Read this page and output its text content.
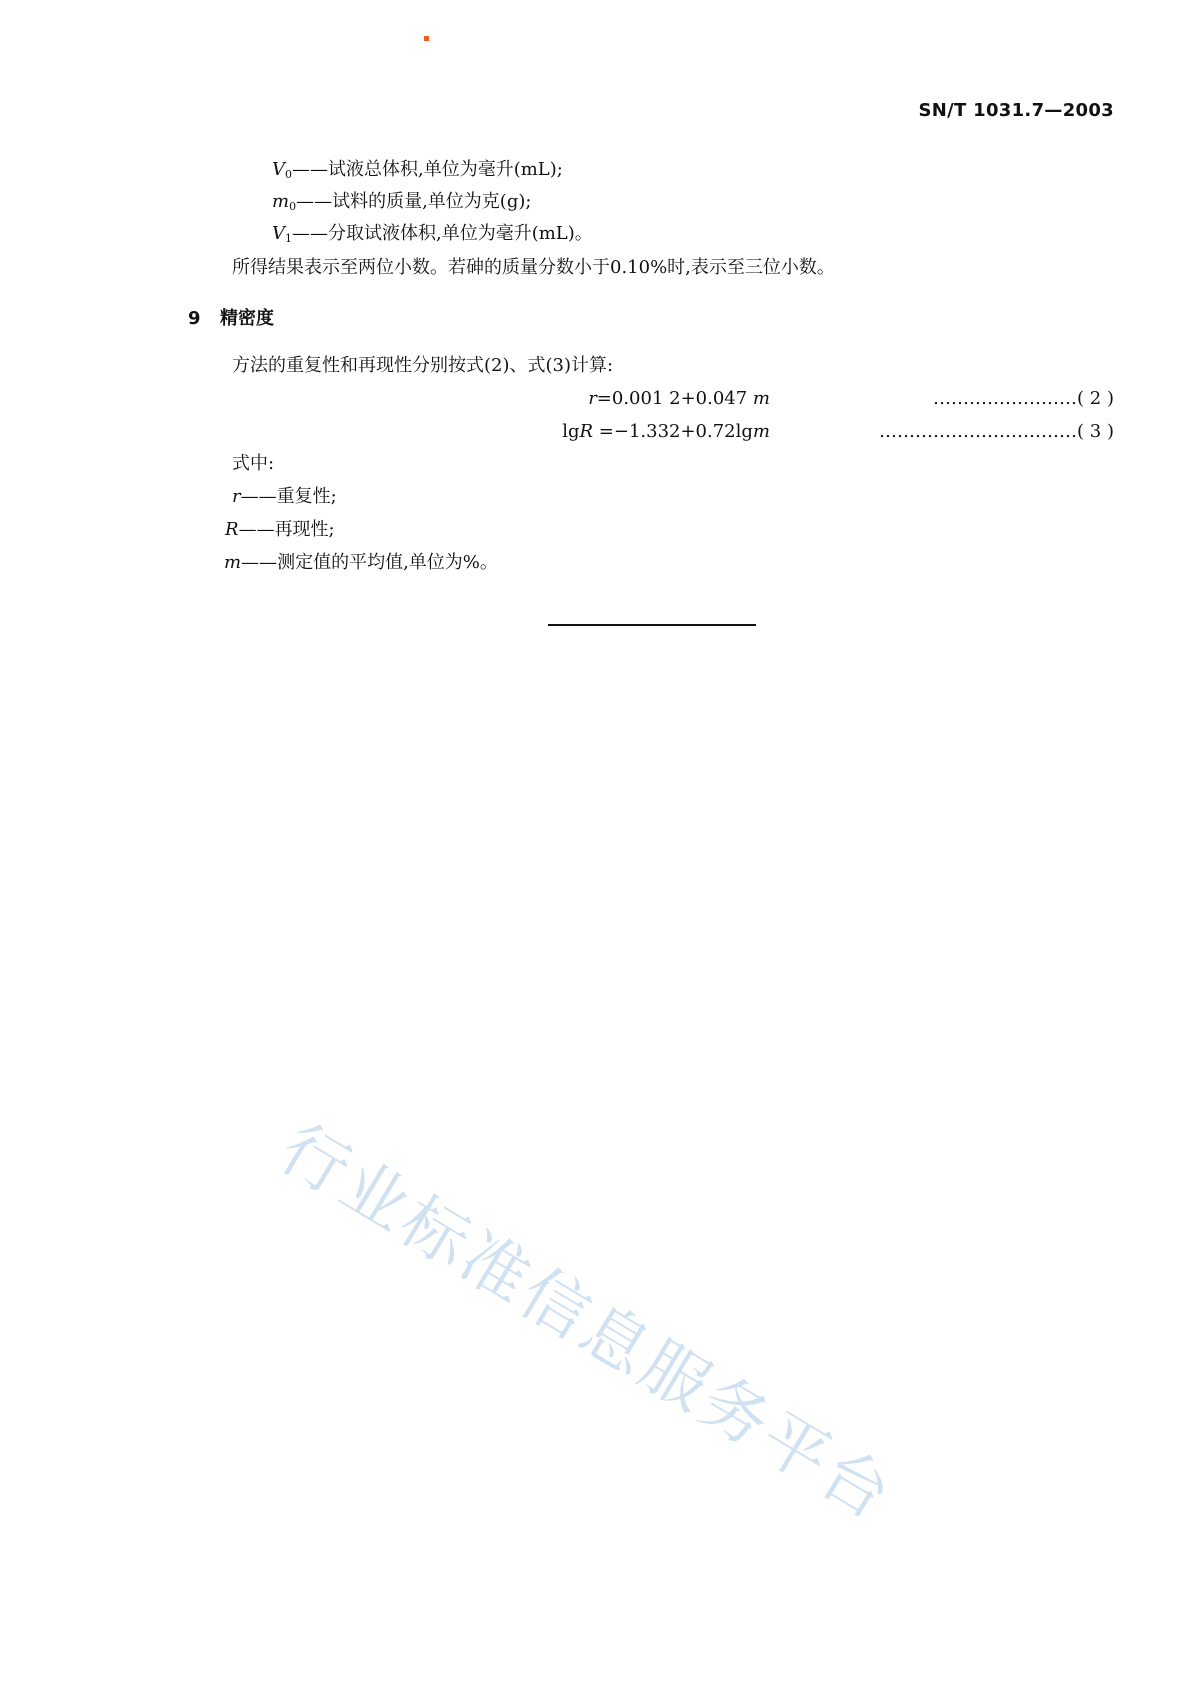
SN/T 1031.7—2003
$V_0——$试液总体积,单位为毫升(mL);
$m_0——$试料的质量,单位为克(g);
$V_1——$分取试液体积,单位为毫升(mL)。
所得结果表示至两位小数。若砷的质量分数小于0.10%时,表示至三位小数。
9 精密度
方法的重复性和再现性分别按式(2)、式(3)计算:
r=0.001 2+0.047 m	……………………( 2 )
lgR =−1.332+0.72lgm	……………………………( 3 )
式中:
r——重复性;
R——再现性;
m——测定值的平均值,单位为%。
行业标准信息服务平台
